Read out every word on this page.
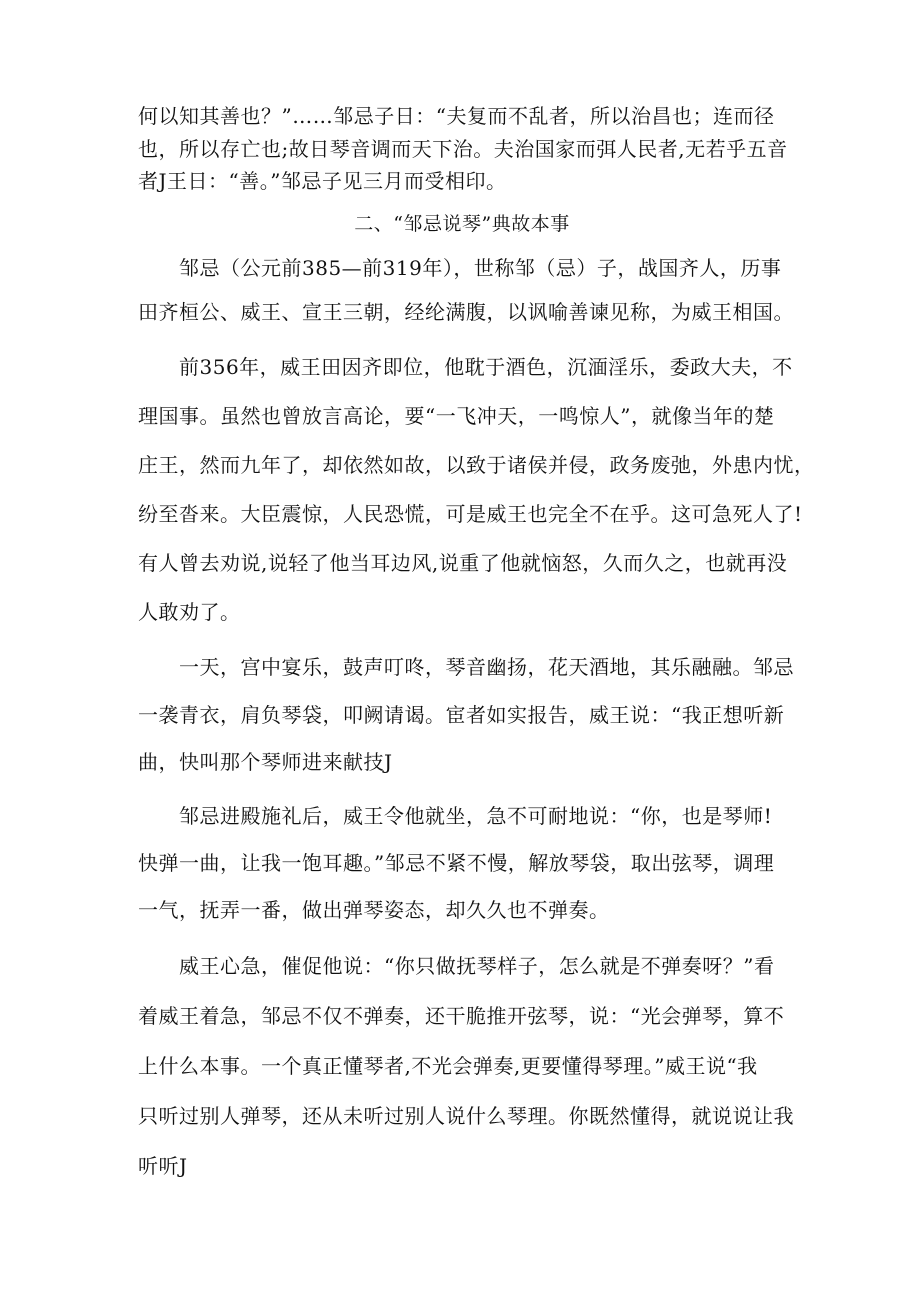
何以知其善也？”……邹忌子日：“夫复而不乱者，所以治昌也；连而径
也，所以存亡也;故日琴音调而天下治。夫治国家而弭人民者,无若乎五音
者J王日：“善。”邹忌子见三月而受相印。
二、“邹忌说琴”典故本事
　　邹忌（公元前385—前319年），世称邹（忌）子，战国齐人，历事
田齐桓公、威王、宣王三朝，经纶满腹，以讽喻善谏见称，为威王相国。
　　前356年，威王田因齐即位，他耽于酒色，沉湎淫乐，委政大夫，不
理国事。虽然也曾放言高论，要“一飞冲天，一鸣惊人”，就像当年的楚
庄王，然而九年了，却依然如故，以致于诸侯并侵，政务废弛，外患内忧，
纷至沓来。大臣震惊，人民恐慌，可是威王也完全不在乎。这可急死人了!
有人曾去劝说,说轻了他当耳边风,说重了他就恼怒，久而久之，也就再没
人敢劝了。
　　一天，宫中宴乐，鼓声叮咚，琴音幽扬，花天酒地，其乐融融。邹忌
一袭青衣，肩负琴袋，叩阙请谒。宦者如实报告，威王说：“我正想听新
曲，快叫那个琴师进来献技J
　　邹忌进殿施礼后，威王令他就坐，急不可耐地说：“你，也是琴师!
快弹一曲，让我一饱耳趣。”邹忌不紧不慢，解放琴袋，取出弦琴，调理
一气，抚弄一番，做出弹琴姿态，却久久也不弹奏。
　　威王心急，催促他说：“你只做抚琴样子，怎么就是不弹奏呀？”看
着威王着急，邹忌不仅不弹奏，还干脆推开弦琴，说：“光会弹琴，算不
上什么本事。一个真正懂琴者,不光会弹奏,更要懂得琴理。”威王说“我
只听过别人弹琴，还从未听过别人说什么琴理。你既然懂得，就说说让我
听听J
